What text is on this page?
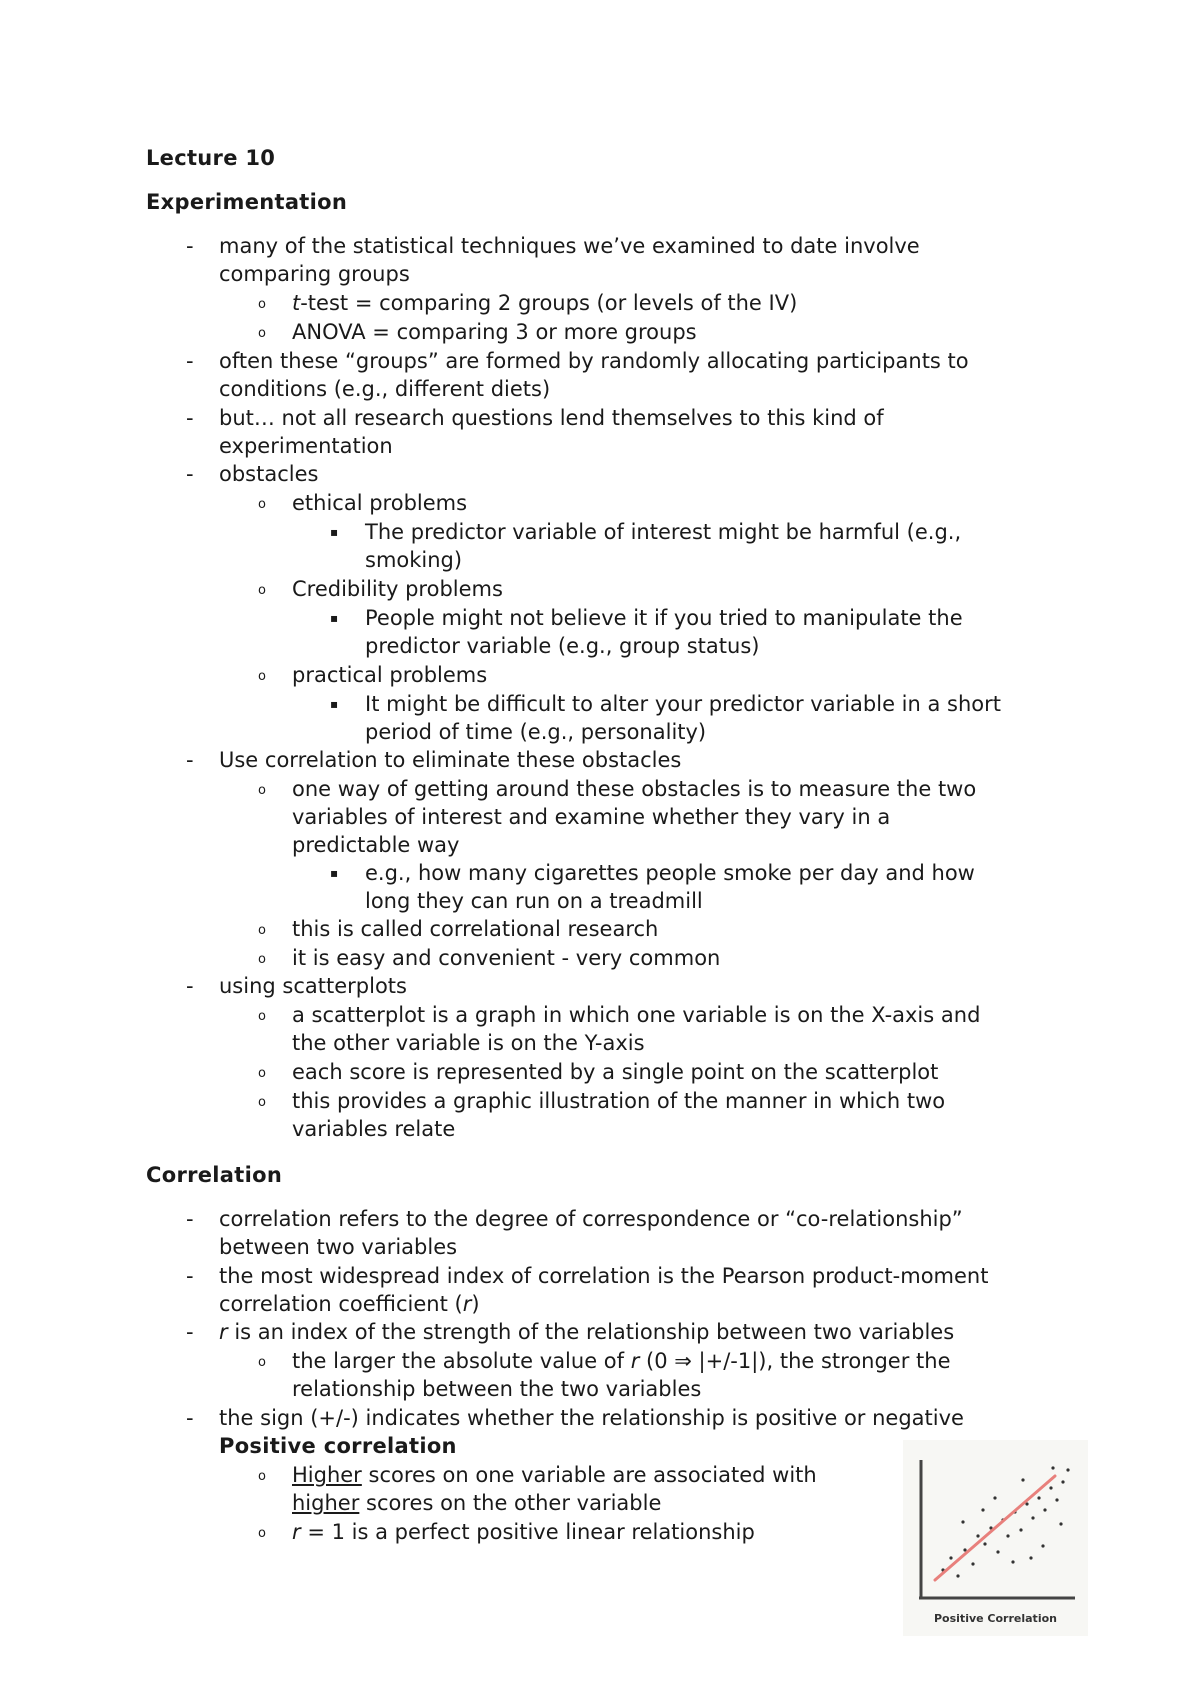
Lecture 10

Experimentation

- many of the statistical techniques we’ve examined to date involve

comparing groups

o t-test = comparing 2 groups (or levels of the IV)

o ANOVA = comparing 3 or more groups

- often these “groups” are formed by randomly allocating participants to

conditions (e.g., different diets)

- but… not all research questions lend themselves to this kind of

experimentation

- obstacles

o ethical problems

▪ The predictor variable of interest might be harmful (e.g.,

smoking)

o Credibility problems

▪ People might not believe it if you tried to manipulate the

predictor variable (e.g., group status)

o practical problems

▪ It might be difficult to alter your predictor variable in a short

period of time (e.g., personality)

- Use correlation to eliminate these obstacles

o one way of getting around these obstacles is to measure the two

variables of interest and examine whether they vary in a

predictable way

▪ e.g., how many cigarettes people smoke per day and how

long they can run on a treadmill

o this is called correlational research

o it is easy and convenient - very common

- using scatterplots

o a scatterplot is a graph in which one variable is on the X-axis and

the other variable is on the Y-axis

o each score is represented by a single point on the scatterplot

o this provides a graphic illustration of the manner in which two

variables relate

Correlation

- correlation refers to the degree of correspondence or “co-relationship”

between two variables

- the most widespread index of correlation is the Pearson product-moment

correlation coefficient (r)

- r is an index of the strength of the relationship between two variables

o the larger the absolute value of r (0 ⇒ |+/-1|), the stronger the

relationship between the two variables

- the sign (+/-) indicates whether the relationship is positive or negative

Positive correlation

o Higher scores on one variable are associated with

higher scores on the other variable

o r = 1 is a perfect positive linear relationship

Positive Correlation
